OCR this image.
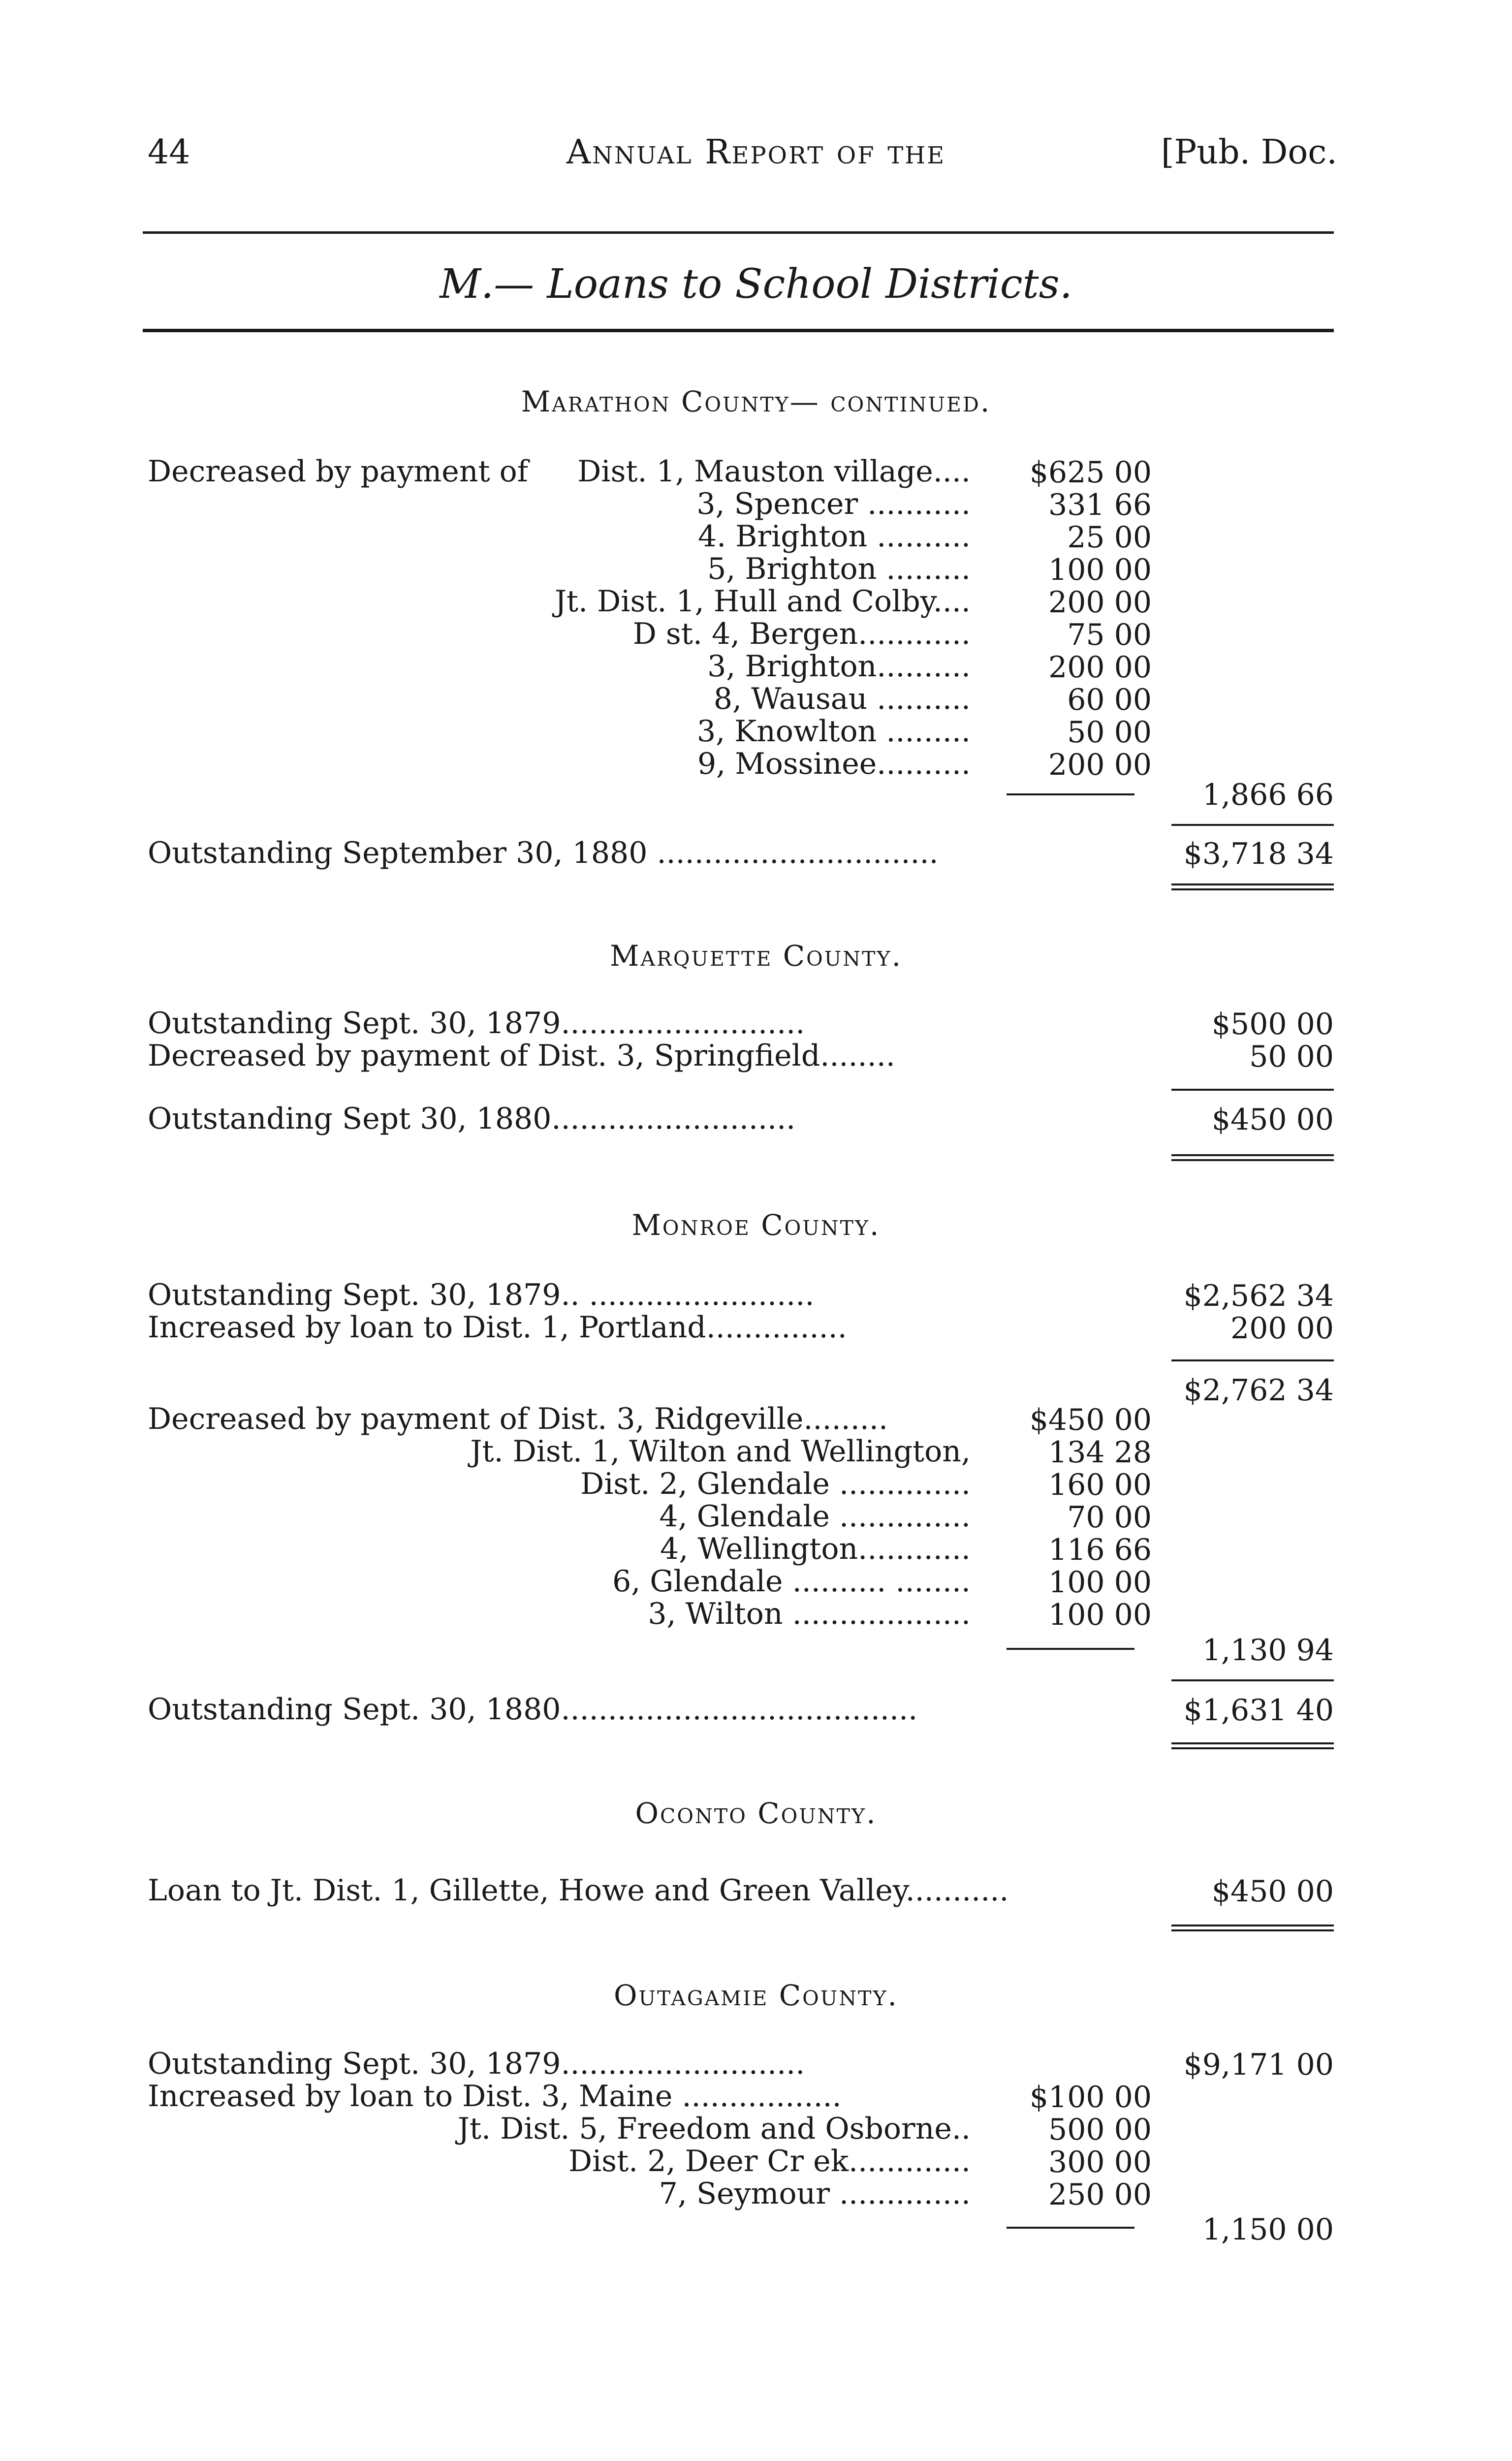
44	Annual Report of the	[Pub. Doc.
M.— Loans to School Districts.
Marathon County— continued.
Decreased by payment of Dist. 1, Mauston village....	$625 00
3, Spencer ...........	331 66
4. Brighton ..........	25 00
5, Brighton .........	100 00
Jt. Dist. 1, Hull and Colby....	200 00
D st. 4, Bergen............	75 00
3, Brighton..........	200 00
8, Wausau ..........	60 00
3, Knowlton .........	50 00
9, Mossinee..........	200 00
1,866 66
Outstanding September 30, 1880 ..............................	$3,718 34
Marquette County.
Outstanding Sept. 30, 1879..........................	$500 00
Decreased by payment of Dist. 3, Springfield........	50 00
Outstanding Sept 30, 1880..........................	$450 00
Monroe County.
Outstanding Sept. 30, 1879.. ........................	$2,562 34
Increased by loan to Dist. 1, Portland...............	200 00
$2,762 34
Decreased by payment of Dist. 3, Ridgeville.........	$450 00
Jt. Dist. 1, Wilton and Wellington,	134 28
Dist. 2, Glendale ..............	160 00
4, Glendale ..............	70 00
4, Wellington............	116 66
6, Glendale .......... ........	100 00
3, Wilton ...................	100 00
1,130 94
Outstanding Sept. 30, 1880......................................	$1,631 40
Oconto County.
Loan to Jt. Dist. 1, Gillette, Howe and Green Valley...........	$450 00
Outagamie County.
Outstanding Sept. 30, 1879..........................	$9,171 00
Increased by loan to Dist. 3, Maine .................	$100 00
Jt. Dist. 5, Freedom and Osborne..	500 00
Dist. 2, Deer Cr ek.............	300 00
7, Seymour ..............	250 00
1,150 00
